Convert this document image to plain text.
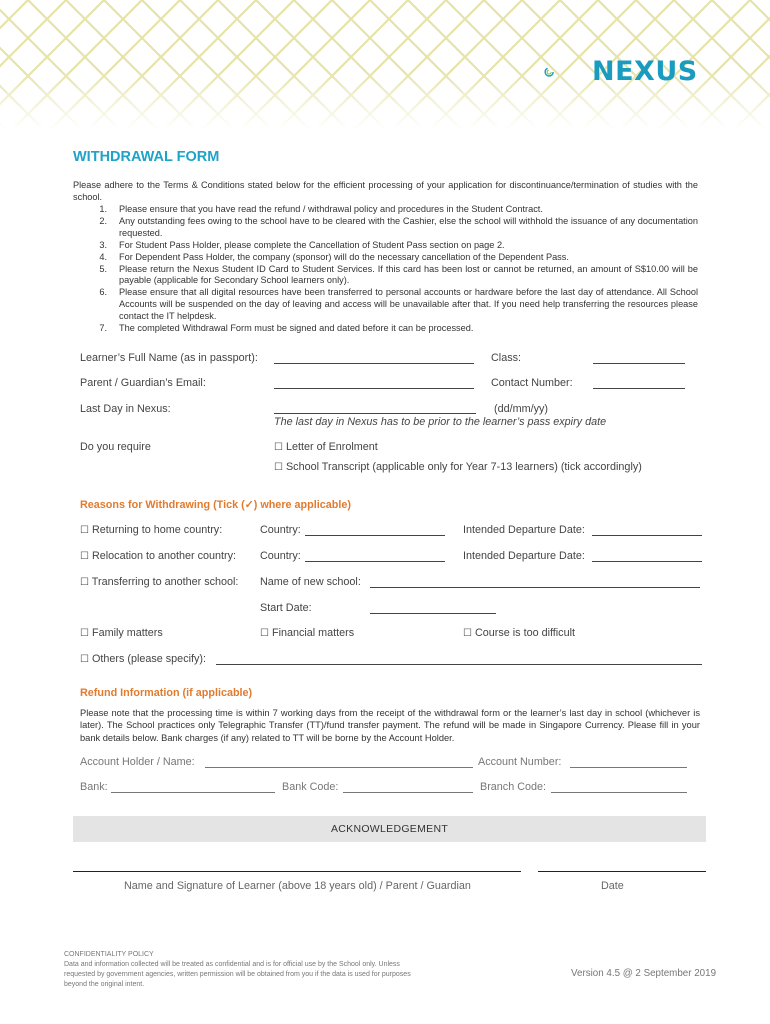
NEXUS
WITHDRAWAL FORM
Please adhere to the Terms & Conditions stated below for the efficient processing of your application for discontinuance/termination of studies with the school.
1.	Please ensure that you have read the refund / withdrawal policy and procedures in the Student Contract.
2.	Any outstanding fees owing to the school have to be cleared with the Cashier, else the school will withhold the issuance of any documentation requested.
3.	For Student Pass Holder, please complete the Cancellation of Student Pass section on page 2.
4.	For Dependent Pass Holder, the company (sponsor) will do the necessary cancellation of the Dependent Pass.
5.	Please return the Nexus Student ID Card to Student Services. If this card has been lost or cannot be returned, an amount of S$10.00 will be payable (applicable for Secondary School learners only).
6.	Please ensure that all digital resources have been transferred to personal accounts or hardware before the last day of attendance. All School Accounts will be suspended on the day of leaving and access will be unavailable after that. If you need help transferring the resources please contact the IT helpdesk.
7.	The completed Withdrawal Form must be signed and dated before it can be processed.
Learner’s Full Name (as in passport):	Class:
Parent / Guardian’s Email:	Contact Number:
Last Day in Nexus:	(dd/mm/yy)
The last day in Nexus has to be prior to the learner’s pass expiry date
Do you require	☐ Letter of Enrolment
☐ School Transcript (applicable only for Year 7-13 learners) (tick accordingly)
Reasons for Withdrawing (Tick (✓) where applicable)
☐ Returning to home country:	Country:	Intended Departure Date:
☐ Relocation to another country: Country:	Intended Departure Date:
☐ Transferring to another school: Name of new school:
Start Date:
☐ Family matters	☐ Financial matters	☐ Course is too difficult
☐ Others (please specify):
Refund Information (if applicable)
Please note that the processing time is within 7 working days from the receipt of the withdrawal form or the learner’s last day in school (whichever is later). The School practices only Telegraphic Transfer (TT)/fund transfer payment. The refund will be made in Singapore Currency. Please fill in your bank details below. Bank charges (if any) related to TT will be borne by the Account Holder.
Account Holder / Name:	Account Number:
Bank:	Bank Code:	Branch Code:
ACKNOWLEDGEMENT
Name and Signature of Learner (above 18 years old) / Parent / Guardian	Date
CONFIDENTIALITY POLICY
Data and information collected will be treated as confidential and is for official use by the School only. Unless
requested by government agencies, written permission will be obtained from you if the data is used for purposes
beyond the original intent.
Version 4.5 @ 2 September 2019
